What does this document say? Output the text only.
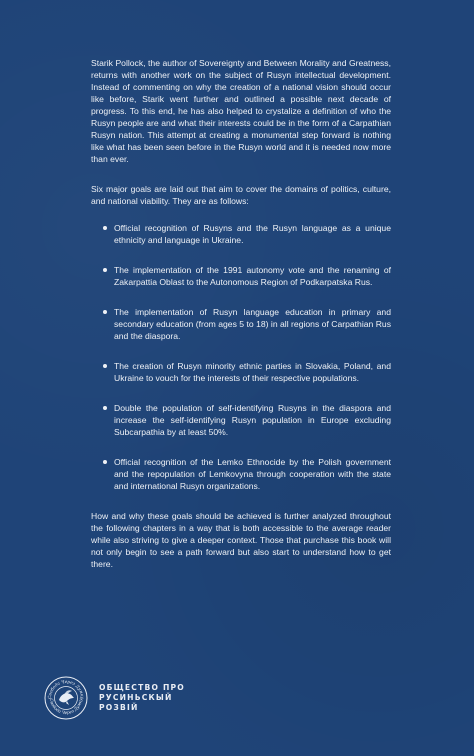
Starik Pollock, the author of Sovereignty and Between Morality and Greatness, returns with another work on the subject of Rusyn intellectual development. Instead of commenting on why the creation of a national vision should occur like before, Starik went further and outlined a possible next decade of progress. To this end, he has also helped to crystalize a definition of who the Rusyn people are and what their interests could be in the form of a Carpathian Rusyn nation. This attempt at creating a monumental step forward is nothing like what has been seen before in the Rusyn world and it is needed now more than ever.

Six major goals are laid out that aim to cover the domains of politics, culture, and national viability. They are as follows:

Official recognition of Rusyns and the Rusyn language as a unique ethnicity and language in Ukraine.
The implementation of the 1991 autonomy vote and the renaming of Zakarpattia Oblast to the Autonomous Region of Podkarpatska Rus.
The implementation of Rusyn language education in primary and secondary education (from ages 5 to 18) in all regions of Carpathian Rus and the diaspora.
The creation of Rusyn minority ethnic parties in Slovakia, Poland, and Ukraine to vouch for the interests of their respective populations.
Double the population of self-identifying Rusyns in the diaspora and increase the self-identifying Rusyn population in Europe excluding Subcarpathia by at least 50%.
Official recognition of the Lemko Ethnocide by the Polish government and the repopulation of Lemkovyna through cooperation with the state and international Rusyn organizations.

How and why these goals should be achieved is further analyzed throughout the following chapters in a way that is both accessible to the average reader while also striving to give a deeper context. Those that purchase this book will not only begin to see a path forward but also start to understand how to get there.

Свобода Через Думку
Свобода Через Думку
ОБЩЕСТВО ПРО
РУСИНЬСКЫЙ
РОЗВІЙ
